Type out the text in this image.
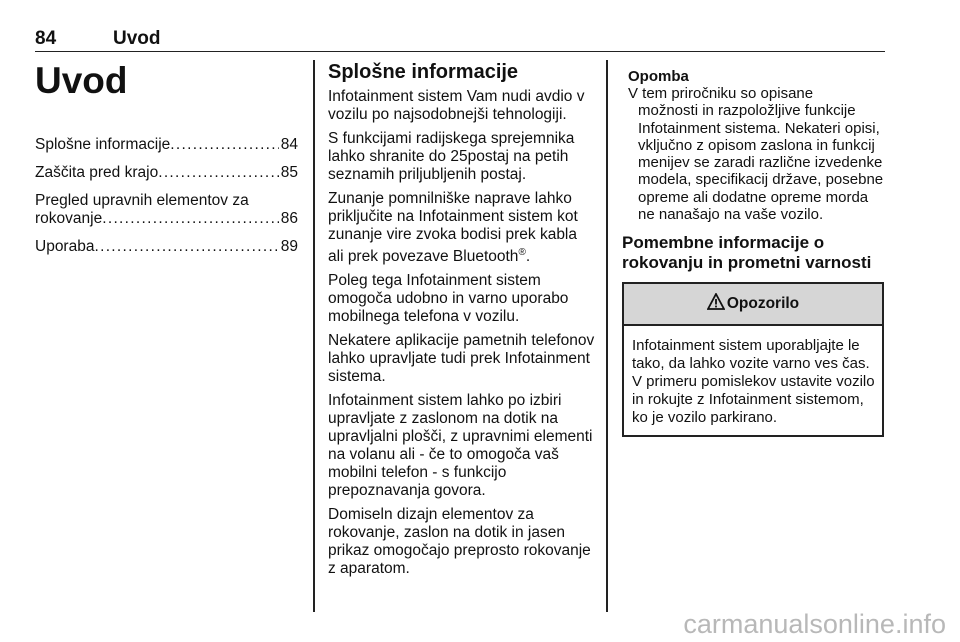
84	Uvod
Uvod
Splošne informacije . . .	84
Zaščita pred krajo . . .	85
Pregled upravnih elementov za
rokovanje . . .	86
Uporaba . . .	89
Splošne informacije

Infotainment sistem Vam nudi avdio v vozilu po najsodobnejši tehnologiji.

S funkcijami radijskega sprejemnika lahko shranite do 25postaj na petih seznamih priljubljenih postaj.

Zunanje pomnilniške naprave lahko priključite na Infotainment sistem kot zunanje vire zvoka bodisi prek kabla ali prek povezave Bluetooth®.

Poleg tega Infotainment sistem omogoča udobno in varno uporabo mobilnega telefona v vozilu.

Nekatere aplikacije pametnih telefonov lahko upravljate tudi prek Infotainment sistema.

Infotainment sistem lahko po izbiri upravljate z zaslonom na dotik na upravljalni plošči, z upravnimi elementi na volanu ali - če to omogoča vaš mobilni telefon - s funkcijo prepoznavanja govora.

Domiseln dizajn elementov za rokovanje, zaslon na dotik in jasen prikaz omogočajo preprosto rokovanje z aparatom.

Opomba
V tem priročniku so opisane
možnosti in razpoložljive funkcije Infotainment sistema. Nekateri opisi, vključno z opisom zaslona in funkcij menijev se zaradi različne izvedenke modela, specifikacij države, posebne opreme ali dodatne opreme morda ne nanašajo na vaše vozilo.
Pomembne informacije o
rokovanju in prometni varnosti
Opozorilo
Infotainment sistem uporabljajte le tako, da lahko vozite varno ves čas. V primeru pomislekov ustavite vozilo in rokujte z Infotainment sistemom, ko je vozilo parkirano.
carmanualsonline.info
